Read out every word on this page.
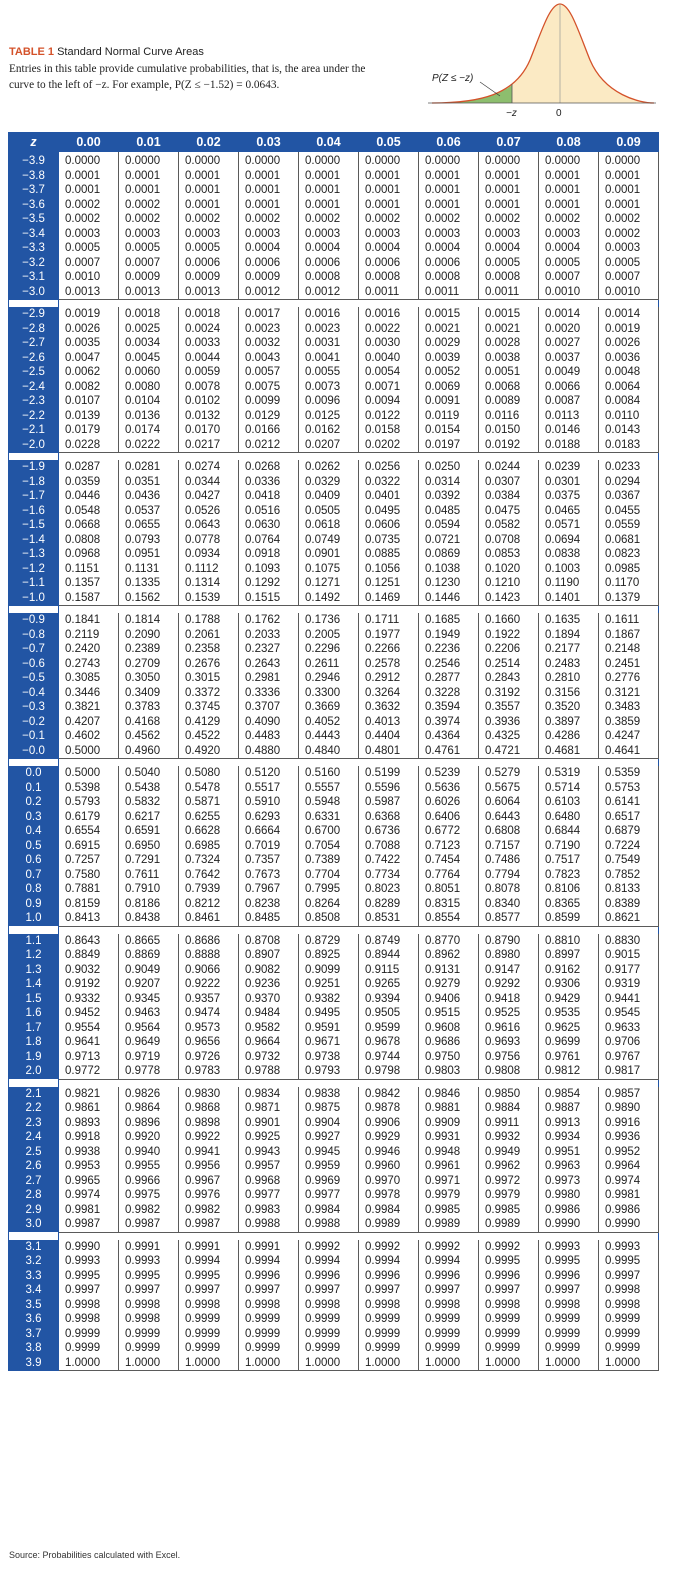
TABLE 1 Standard Normal Curve Areas
Entries in this table provide cumulative probabilities, that is, the area under the curve to the left of −z. For example, P(Z ≤ −1.52) = 0.0643.
P(Z ≤ −z)
−z	0
z	0.00	0.01	0.02	0.03	0.04	0.05	0.06	0.07	0.08	0.09
−3.9	0.0000	0.0000	0.0000	0.0000	0.0000	0.0000	0.0000	0.0000	0.0000	0.0000
−3.8	0.0001	0.0001	0.0001	0.0001	0.0001	0.0001	0.0001	0.0001	0.0001	0.0001
−3.7	0.0001	0.0001	0.0001	0.0001	0.0001	0.0001	0.0001	0.0001	0.0001	0.0001
−3.6	0.0002	0.0002	0.0001	0.0001	0.0001	0.0001	0.0001	0.0001	0.0001	0.0001
−3.5	0.0002	0.0002	0.0002	0.0002	0.0002	0.0002	0.0002	0.0002	0.0002	0.0002
−3.4	0.0003	0.0003	0.0003	0.0003	0.0003	0.0003	0.0003	0.0003	0.0003	0.0002
−3.3	0.0005	0.0005	0.0005	0.0004	0.0004	0.0004	0.0004	0.0004	0.0004	0.0003
−3.2	0.0007	0.0007	0.0006	0.0006	0.0006	0.0006	0.0006	0.0005	0.0005	0.0005
−3.1	0.0010	0.0009	0.0009	0.0009	0.0008	0.0008	0.0008	0.0008	0.0007	0.0007
−3.0	0.0013	0.0013	0.0013	0.0012	0.0012	0.0011	0.0011	0.0011	0.0010	0.0010

−2.9	0.0019	0.0018	0.0018	0.0017	0.0016	0.0016	0.0015	0.0015	0.0014	0.0014
−2.8	0.0026	0.0025	0.0024	0.0023	0.0023	0.0022	0.0021	0.0021	0.0020	0.0019
−2.7	0.0035	0.0034	0.0033	0.0032	0.0031	0.0030	0.0029	0.0028	0.0027	0.0026
−2.6	0.0047	0.0045	0.0044	0.0043	0.0041	0.0040	0.0039	0.0038	0.0037	0.0036
−2.5	0.0062	0.0060	0.0059	0.0057	0.0055	0.0054	0.0052	0.0051	0.0049	0.0048
−2.4	0.0082	0.0080	0.0078	0.0075	0.0073	0.0071	0.0069	0.0068	0.0066	0.0064
−2.3	0.0107	0.0104	0.0102	0.0099	0.0096	0.0094	0.0091	0.0089	0.0087	0.0084
−2.2	0.0139	0.0136	0.0132	0.0129	0.0125	0.0122	0.0119	0.0116	0.0113	0.0110
−2.1	0.0179	0.0174	0.0170	0.0166	0.0162	0.0158	0.0154	0.0150	0.0146	0.0143
−2.0	0.0228	0.0222	0.0217	0.0212	0.0207	0.0202	0.0197	0.0192	0.0188	0.0183

−1.9	0.0287	0.0281	0.0274	0.0268	0.0262	0.0256	0.0250	0.0244	0.0239	0.0233
−1.8	0.0359	0.0351	0.0344	0.0336	0.0329	0.0322	0.0314	0.0307	0.0301	0.0294
−1.7	0.0446	0.0436	0.0427	0.0418	0.0409	0.0401	0.0392	0.0384	0.0375	0.0367
−1.6	0.0548	0.0537	0.0526	0.0516	0.0505	0.0495	0.0485	0.0475	0.0465	0.0455
−1.5	0.0668	0.0655	0.0643	0.0630	0.0618	0.0606	0.0594	0.0582	0.0571	0.0559
−1.4	0.0808	0.0793	0.0778	0.0764	0.0749	0.0735	0.0721	0.0708	0.0694	0.0681
−1.3	0.0968	0.0951	0.0934	0.0918	0.0901	0.0885	0.0869	0.0853	0.0838	0.0823
−1.2	0.1151	0.1131	0.1112	0.1093	0.1075	0.1056	0.1038	0.1020	0.1003	0.0985
−1.1	0.1357	0.1335	0.1314	0.1292	0.1271	0.1251	0.1230	0.1210	0.1190	0.1170
−1.0	0.1587	0.1562	0.1539	0.1515	0.1492	0.1469	0.1446	0.1423	0.1401	0.1379

−0.9	0.1841	0.1814	0.1788	0.1762	0.1736	0.1711	0.1685	0.1660	0.1635	0.1611
−0.8	0.2119	0.2090	0.2061	0.2033	0.2005	0.1977	0.1949	0.1922	0.1894	0.1867
−0.7	0.2420	0.2389	0.2358	0.2327	0.2296	0.2266	0.2236	0.2206	0.2177	0.2148
−0.6	0.2743	0.2709	0.2676	0.2643	0.2611	0.2578	0.2546	0.2514	0.2483	0.2451
−0.5	0.3085	0.3050	0.3015	0.2981	0.2946	0.2912	0.2877	0.2843	0.2810	0.2776
−0.4	0.3446	0.3409	0.3372	0.3336	0.3300	0.3264	0.3228	0.3192	0.3156	0.3121
−0.3	0.3821	0.3783	0.3745	0.3707	0.3669	0.3632	0.3594	0.3557	0.3520	0.3483
−0.2	0.4207	0.4168	0.4129	0.4090	0.4052	0.4013	0.3974	0.3936	0.3897	0.3859
−0.1	0.4602	0.4562	0.4522	0.4483	0.4443	0.4404	0.4364	0.4325	0.4286	0.4247
−0.0	0.5000	0.4960	0.4920	0.4880	0.4840	0.4801	0.4761	0.4721	0.4681	0.4641

0.0	0.5000	0.5040	0.5080	0.5120	0.5160	0.5199	0.5239	0.5279	0.5319	0.5359
0.1	0.5398	0.5438	0.5478	0.5517	0.5557	0.5596	0.5636	0.5675	0.5714	0.5753
0.2	0.5793	0.5832	0.5871	0.5910	0.5948	0.5987	0.6026	0.6064	0.6103	0.6141
0.3	0.6179	0.6217	0.6255	0.6293	0.6331	0.6368	0.6406	0.6443	0.6480	0.6517
0.4	0.6554	0.6591	0.6628	0.6664	0.6700	0.6736	0.6772	0.6808	0.6844	0.6879
0.5	0.6915	0.6950	0.6985	0.7019	0.7054	0.7088	0.7123	0.7157	0.7190	0.7224
0.6	0.7257	0.7291	0.7324	0.7357	0.7389	0.7422	0.7454	0.7486	0.7517	0.7549
0.7	0.7580	0.7611	0.7642	0.7673	0.7704	0.7734	0.7764	0.7794	0.7823	0.7852
0.8	0.7881	0.7910	0.7939	0.7967	0.7995	0.8023	0.8051	0.8078	0.8106	0.8133
0.9	0.8159	0.8186	0.8212	0.8238	0.8264	0.8289	0.8315	0.8340	0.8365	0.8389
1.0	0.8413	0.8438	0.8461	0.8485	0.8508	0.8531	0.8554	0.8577	0.8599	0.8621

1.1	0.8643	0.8665	0.8686	0.8708	0.8729	0.8749	0.8770	0.8790	0.8810	0.8830
1.2	0.8849	0.8869	0.8888	0.8907	0.8925	0.8944	0.8962	0.8980	0.8997	0.9015
1.3	0.9032	0.9049	0.9066	0.9082	0.9099	0.9115	0.9131	0.9147	0.9162	0.9177
1.4	0.9192	0.9207	0.9222	0.9236	0.9251	0.9265	0.9279	0.9292	0.9306	0.9319
1.5	0.9332	0.9345	0.9357	0.9370	0.9382	0.9394	0.9406	0.9418	0.9429	0.9441
1.6	0.9452	0.9463	0.9474	0.9484	0.9495	0.9505	0.9515	0.9525	0.9535	0.9545
1.7	0.9554	0.9564	0.9573	0.9582	0.9591	0.9599	0.9608	0.9616	0.9625	0.9633
1.8	0.9641	0.9649	0.9656	0.9664	0.9671	0.9678	0.9686	0.9693	0.9699	0.9706
1.9	0.9713	0.9719	0.9726	0.9732	0.9738	0.9744	0.9750	0.9756	0.9761	0.9767
2.0	0.9772	0.9778	0.9783	0.9788	0.9793	0.9798	0.9803	0.9808	0.9812	0.9817

2.1	0.9821	0.9826	0.9830	0.9834	0.9838	0.9842	0.9846	0.9850	0.9854	0.9857
2.2	0.9861	0.9864	0.9868	0.9871	0.9875	0.9878	0.9881	0.9884	0.9887	0.9890
2.3	0.9893	0.9896	0.9898	0.9901	0.9904	0.9906	0.9909	0.9911	0.9913	0.9916
2.4	0.9918	0.9920	0.9922	0.9925	0.9927	0.9929	0.9931	0.9932	0.9934	0.9936
2.5	0.9938	0.9940	0.9941	0.9943	0.9945	0.9946	0.9948	0.9949	0.9951	0.9952
2.6	0.9953	0.9955	0.9956	0.9957	0.9959	0.9960	0.9961	0.9962	0.9963	0.9964
2.7	0.9965	0.9966	0.9967	0.9968	0.9969	0.9970	0.9971	0.9972	0.9973	0.9974
2.8	0.9974	0.9975	0.9976	0.9977	0.9977	0.9978	0.9979	0.9979	0.9980	0.9981
2.9	0.9981	0.9982	0.9982	0.9983	0.9984	0.9984	0.9985	0.9985	0.9986	0.9986
3.0	0.9987	0.9987	0.9987	0.9988	0.9988	0.9989	0.9989	0.9989	0.9990	0.9990

3.1	0.9990	0.9991	0.9991	0.9991	0.9992	0.9992	0.9992	0.9992	0.9993	0.9993
3.2	0.9993	0.9993	0.9994	0.9994	0.9994	0.9994	0.9994	0.9995	0.9995	0.9995
3.3	0.9995	0.9995	0.9995	0.9996	0.9996	0.9996	0.9996	0.9996	0.9996	0.9997
3.4	0.9997	0.9997	0.9997	0.9997	0.9997	0.9997	0.9997	0.9997	0.9997	0.9998
3.5	0.9998	0.9998	0.9998	0.9998	0.9998	0.9998	0.9998	0.9998	0.9998	0.9998
3.6	0.9998	0.9998	0.9999	0.9999	0.9999	0.9999	0.9999	0.9999	0.9999	0.9999
3.7	0.9999	0.9999	0.9999	0.9999	0.9999	0.9999	0.9999	0.9999	0.9999	0.9999
3.8	0.9999	0.9999	0.9999	0.9999	0.9999	0.9999	0.9999	0.9999	0.9999	0.9999
3.9	1.0000	1.0000	1.0000	1.0000	1.0000	1.0000	1.0000	1.0000	1.0000	1.0000
Source: Probabilities calculated with Excel.
